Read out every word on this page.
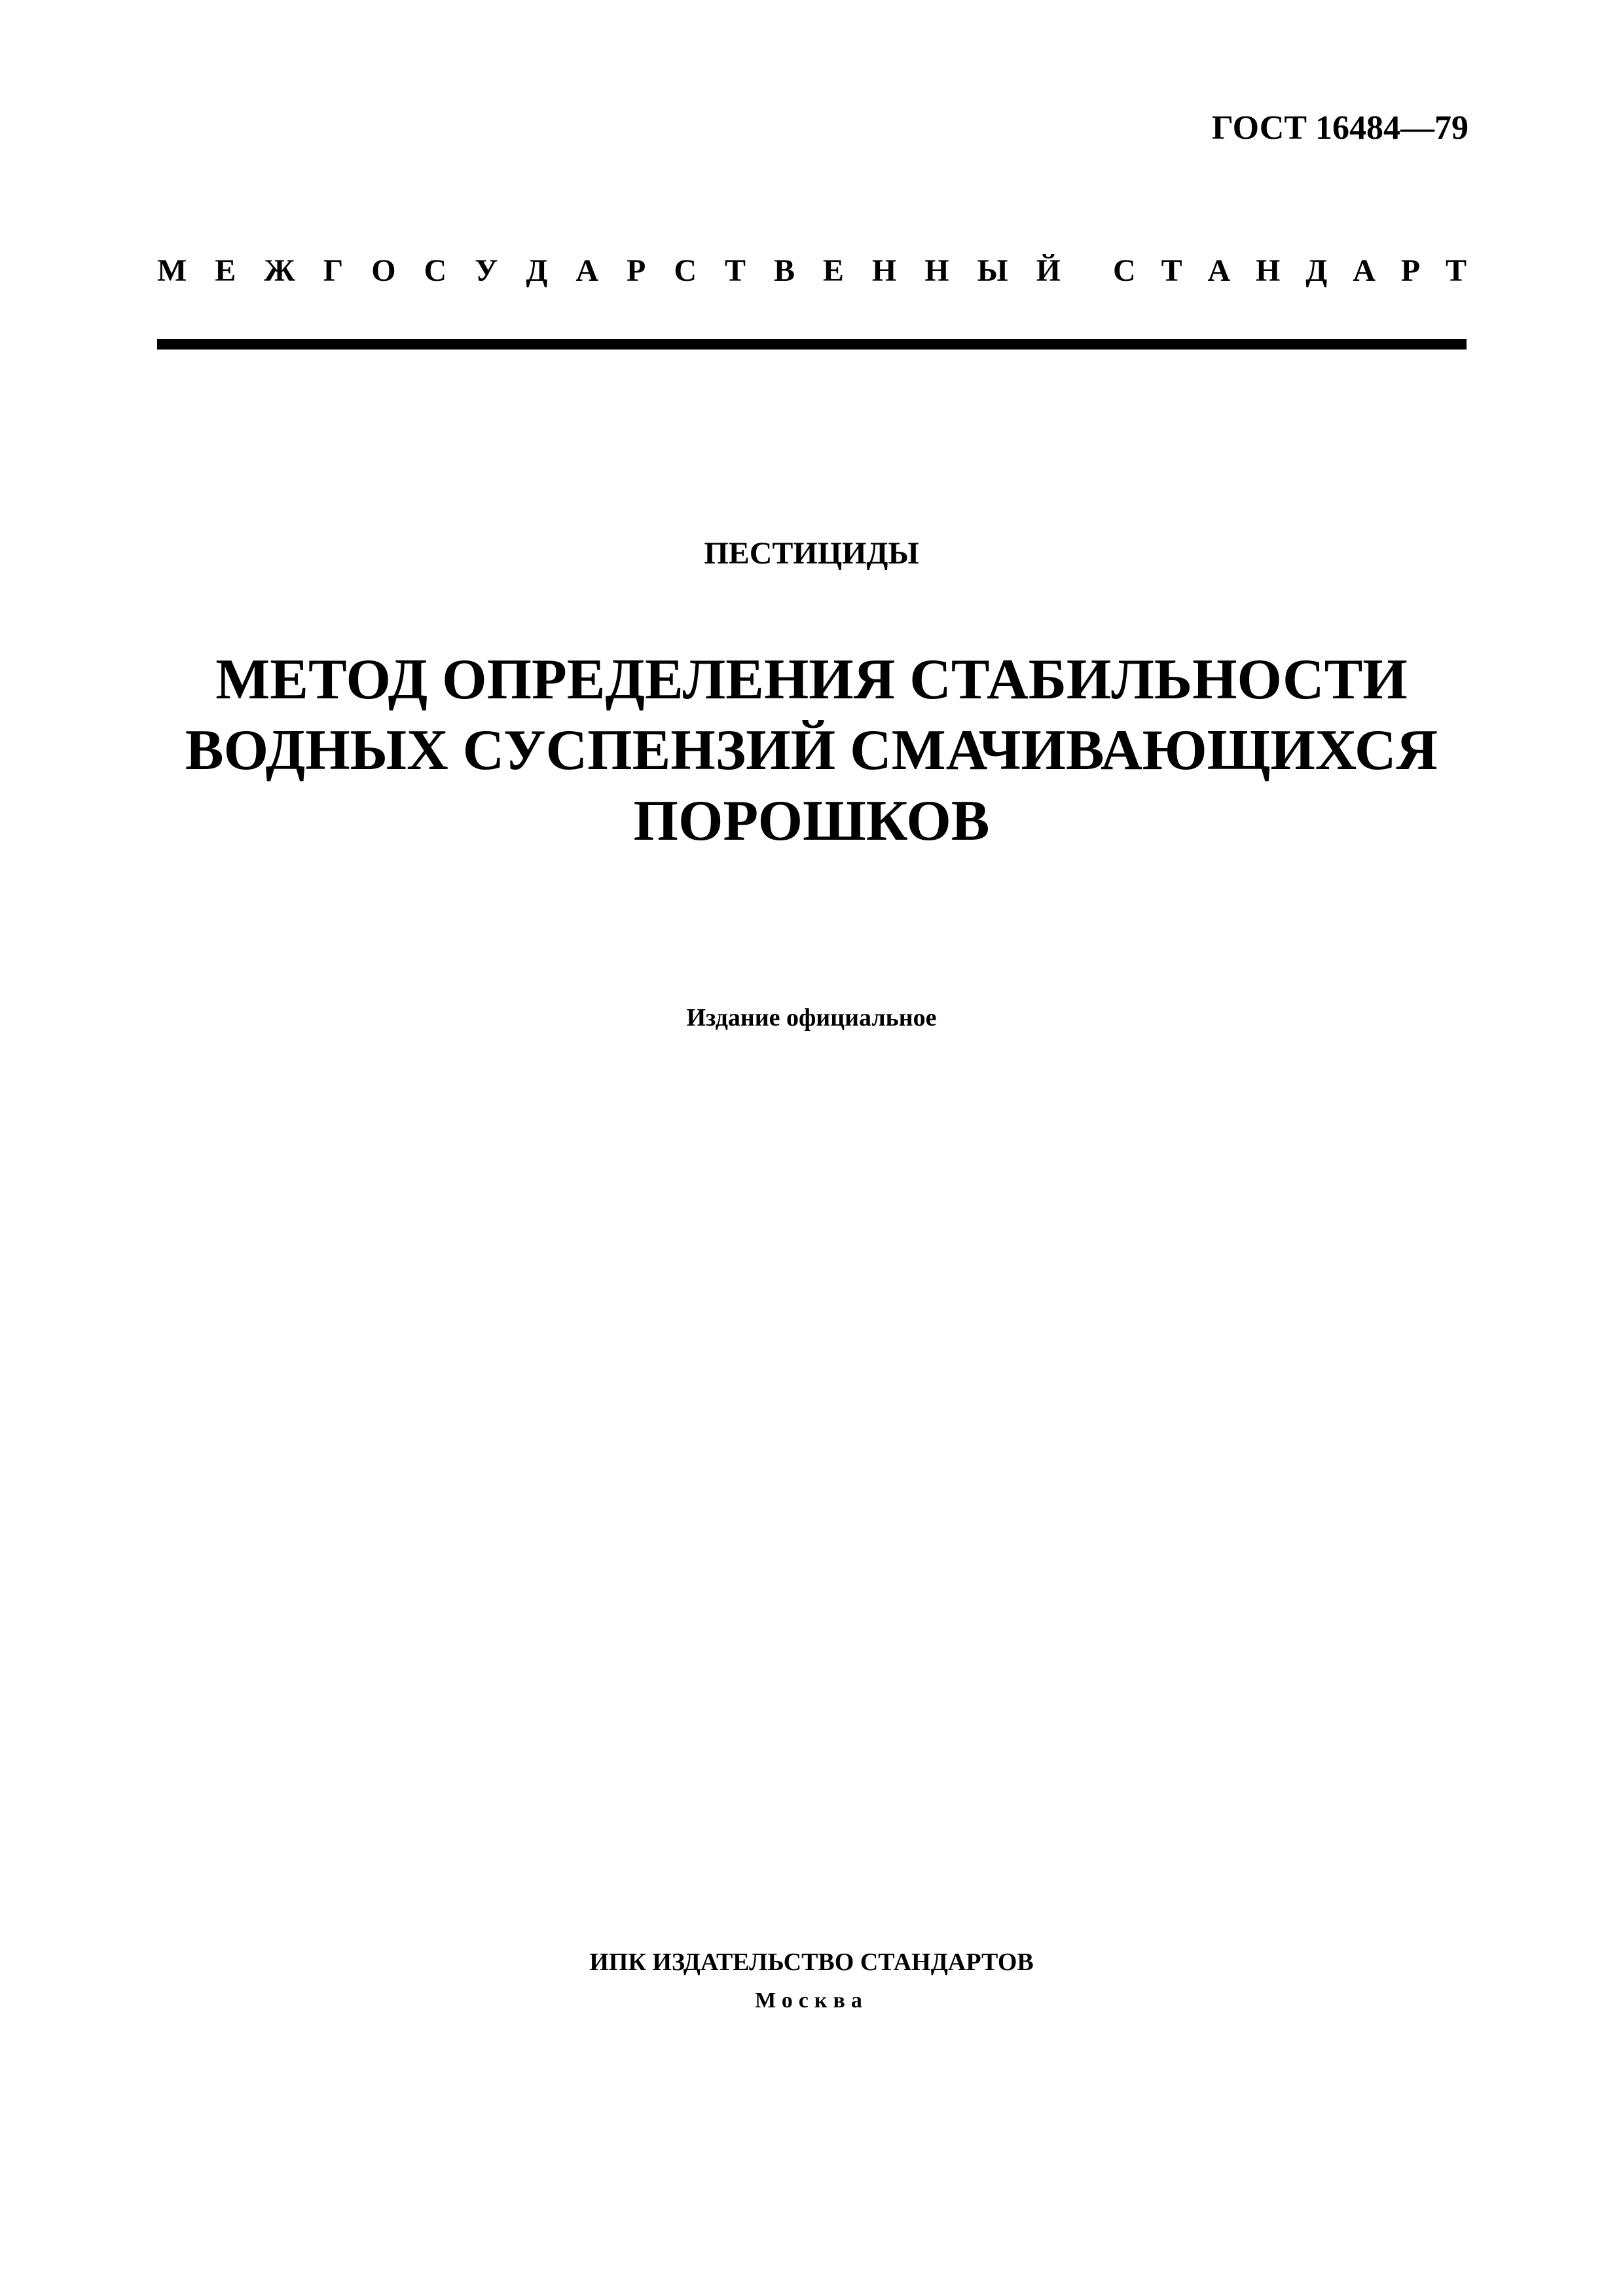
ГОСТ 16484—79
М Е Ж Г О С У Д А Р С Т В Е Н Н Ы Й С Т А Н Д А Р Т
ПЕСТИЦИДЫ
МЕТОД ОПРЕДЕЛЕНИЯ СТАБИЛЬНОСТИ
ВОДНЫХ СУСПЕНЗИЙ СМАЧИВАЮЩИХСЯ
ПОРОШКОВ
Издание официальное
ИПК ИЗДАТЕЛЬСТВО СТАНДАРТОВ
Москва
